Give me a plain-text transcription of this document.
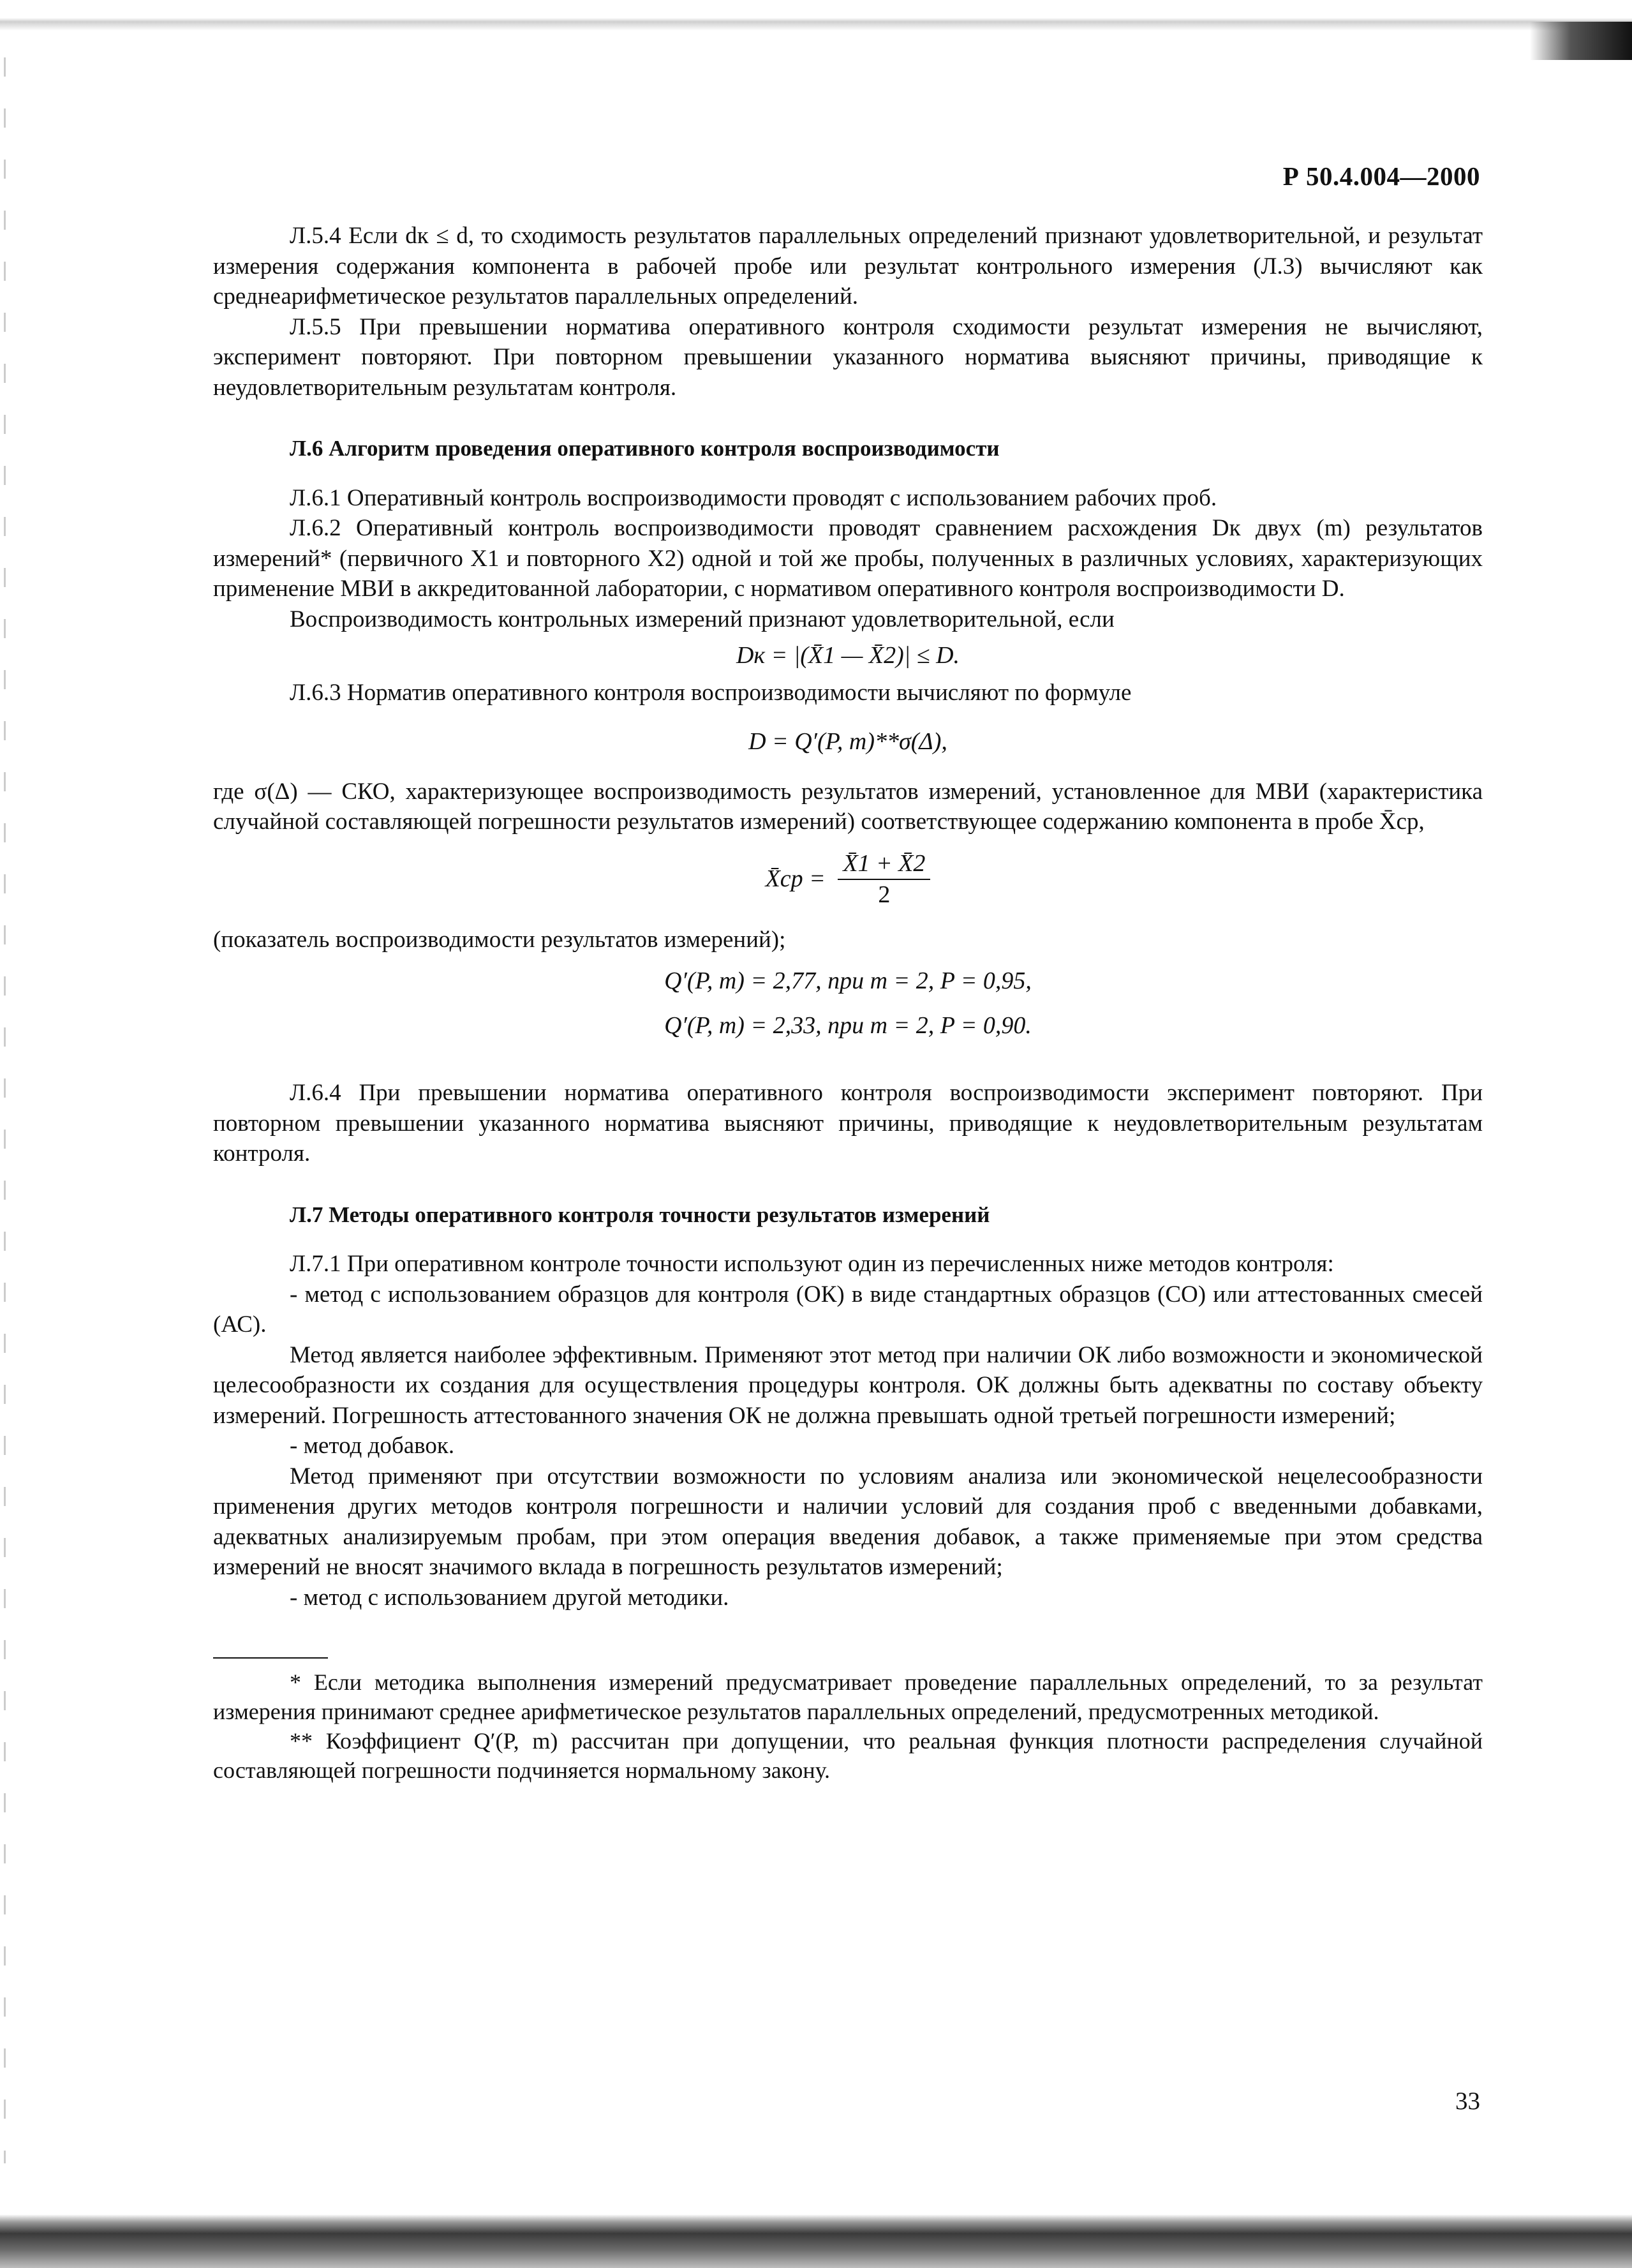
Р 50.4.004—2000

Л.5.4 Если dк ≤ d, то сходимость результатов параллельных определений признают удовлетворительной, и результат измерения содержания компонента в рабочей пробе или результат контрольного измерения (Л.3) вычисляют как среднеарифметическое результатов параллельных определений.

Л.5.5 При превышении норматива оперативного контроля сходимости результат измерения не вычисляют, эксперимент повторяют. При повторном превышении указанного норматива выясняют причины, приводящие к неудовлетворительным результатам контроля.

Л.6 Алгоритм проведения оперативного контроля воспроизводимости

Л.6.1 Оперативный контроль воспроизводимости проводят с использованием рабочих проб.

Л.6.2 Оперативный контроль воспроизводимости проводят сравнением расхождения Dк двух (m) результатов измерений* (первичного X1 и повторного X2) одной и той же пробы, полученных в различных условиях, характеризующих применение МВИ в аккредитованной лаборатории, с нормативом оперативного контроля воспроизводимости D.

Воспроизводимость контрольных измерений признают удовлетворительной, если

Dк = |(X̄1 — X̄2)| ≤ D.

Л.6.3 Норматив оперативного контроля воспроизводимости вычисляют по формуле

D = Q′(P, m)**σ(Δ),

где σ(Δ) — СКО, характеризующее воспроизводимость результатов измерений, установленное для МВИ (характеристика случайной составляющей погрешности результатов измерений) соответствующее содержанию компонента в пробе X̄ср,

X̄ср = $\frac{X̄1 + X̄2}{2}$

(показатель воспроизводимости результатов измерений);

Q′(P, m) = 2,77, при m = 2, P = 0,95,
Q′(P, m) = 2,33, при m = 2, P = 0,90.

Л.6.4 При превышении норматива оперативного контроля воспроизводимости эксперимент повторяют. При повторном превышении указанного норматива выясняют причины, приводящие к неудовлетворительным результатам контроля.

Л.7 Методы оперативного контроля точности результатов измерений

Л.7.1 При оперативном контроле точности используют один из перечисленных ниже методов контроля:

- метод с использованием образцов для контроля (ОК) в виде стандартных образцов (СО) или аттестованных смесей (АС).

Метод является наиболее эффективным. Применяют этот метод при наличии ОК либо возможности и экономической целесообразности их создания для осуществления процедуры контроля. ОК должны быть адекватны по составу объекту измерений. Погрешность аттестованного значения ОК не должна превышать одной третьей погрешности измерений;

- метод добавок.

Метод применяют при отсутствии возможности по условиям анализа или экономической нецелесообразности применения других методов контроля погрешности и наличии условий для создания проб с введенными добавками, адекватных анализируемым пробам, при этом операция введения добавок, а также применяемые при этом средства измерений не вносят значимого вклада в погрешность результатов измерений;

- метод с использованием другой методики.

* Если методика выполнения измерений предусматривает проведение параллельных определений, то за результат измерения принимают среднее арифметическое результатов параллельных определений, предусмотренных методикой.

** Коэффициент Q′(P, m) рассчитан при допущении, что реальная функция плотности распределения случайной составляющей погрешности подчиняется нормальному закону.

33
